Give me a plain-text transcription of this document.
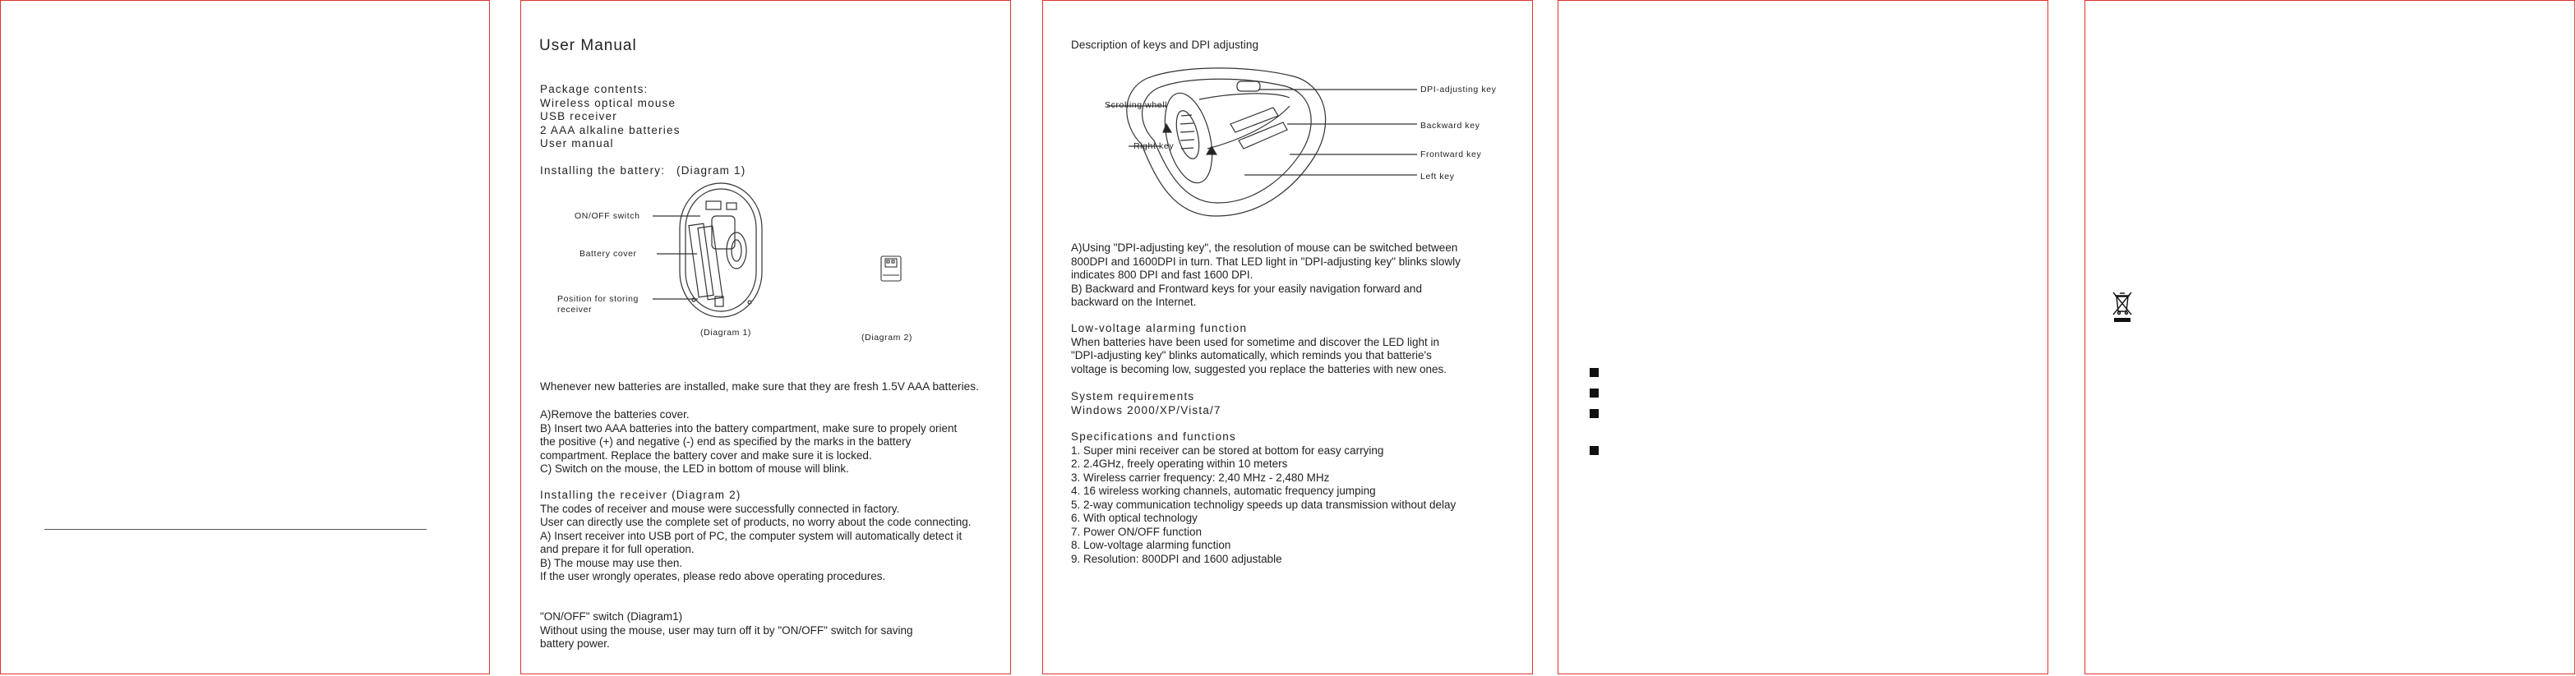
User Manual
Package contents:
Wireless optical mouse
USB receiver
2 AAA alkaline batteries
User manual
Installing the battery: (Diagram 1)
ON/OFF switch
Battery cover
Position for storing
receiver
(Diagram 1)	(Diagram 2)
Whenever new batteries are installed, make sure that they are fresh 1.5V AAA batteries.
A)Remove the batteries cover.
B) Insert two AAA batteries into the battery compartment, make sure to propely orient
the positive (+) and negative (-) end as specified by the marks in the battery
compartment. Replace the battery cover and make sure it is locked.
C) Switch on the mouse, the LED in bottom of mouse will blink.
Installing the receiver (Diagram 2)
The codes of receiver and mouse were successfully connected in factory.
User can directly use the complete set of products, no worry about the code connecting.
A) Insert receiver into USB port of PC, the computer system will automatically detect it
and prepare it for full operation.
B) The mouse may use then.
If the user wrongly operates, please redo above operating procedures.
"ON/OFF" switch (Diagram1)
Without using the mouse, user may turn off it by "ON/OFF" switch for saving
battery power.
Description of keys and DPI adjusting
Scrolling whell
Right key
DPI-adjusting key
Backward key
Frontward key
Left key
A)Using "DPI-adjusting key", the resolution of mouse can be switched between
800DPI and 1600DPI in turn. That LED light in "DPI-adjusting key" blinks slowly
indicates 800 DPI and fast 1600 DPI.
B) Backward and Frontward keys for your easily navigation forward and
backward on the Internet.
Low-voltage alarming function
When batteries have been used for sometime and discover the LED light in
"DPI-adjusting key" blinks automatically, which reminds you that batterie's
voltage is becoming low, suggested you replace the batteries with new ones.
System requirements
Windows 2000/XP/Vista/7
Specifications and functions
1. Super mini receiver can be stored at bottom for easy carrying
2. 2.4GHz, freely operating within 10 meters
3. Wireless carrier frequency: 2,40 MHz - 2,480 MHz
4. 16 wireless working channels, automatic frequency jumping
5. 2-way communication technoligy speeds up data transmission without delay
6. With optical technology
7. Power ON/OFF function
8. Low-voltage alarming function
9. Resolution: 800DPI and 1600 adjustable
